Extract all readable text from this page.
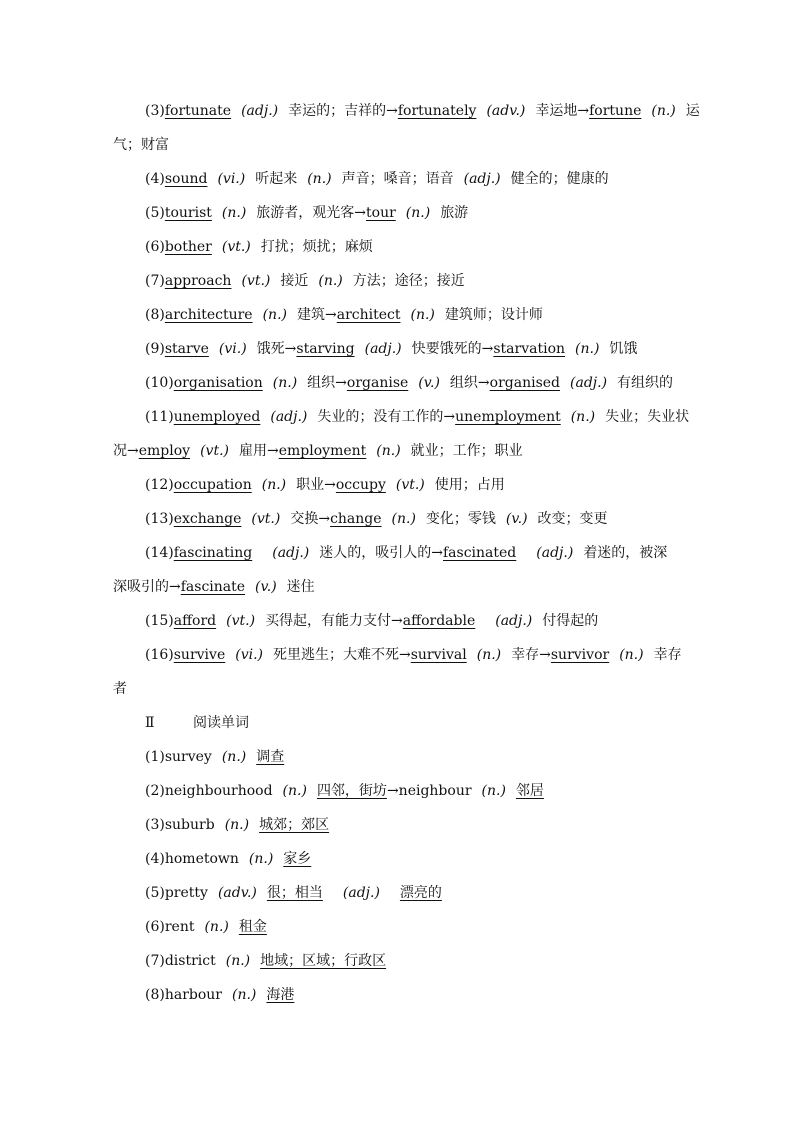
(3)fortunate (adj.) 幸运的；吉祥的→fortunately (adv.) 幸运地→fortune (n.) 运
气；财富
(4)sound (vi.) 听起来 (n.) 声音；嗓音；语音 (adj.) 健全的；健康的
(5)tourist (n.) 旅游者，观光客→tour (n.) 旅游
(6)bother (vt.) 打扰；烦扰；麻烦
(7)approach (vt.) 接近 (n.) 方法；途径；接近
(8)architecture (n.) 建筑→architect (n.) 建筑师；设计师
(9)starve (vi.) 饿死→starving (adj.) 快要饿死的→starvation (n.) 饥饿
(10)organisation (n.) 组织→organise (v.) 组织→organised (adj.) 有组织的
(11)unemployed (adj.) 失业的；没有工作的→unemployment (n.) 失业；失业状
况→employ (vt.) 雇用→employment (n.) 就业；工作；职业
(12)occupation (n.) 职业→occupy (vt.) 使用；占用
(13)exchange (vt.) 交换→change (n.) 变化；零钱 (v.) 改变；变更
(14)fascinating (adj.) 迷人的，吸引人的→fascinated (adj.) 着迷的，被深
深吸引的→fascinate (v.) 迷住
(15)afford (vt.) 买得起，有能力支付→affordable (adj.) 付得起的
(16)survive (vi.) 死里逃生；大难不死→survival (n.) 幸存→survivor (n.) 幸存
者
Ⅱ	阅读单词
(1)survey (n.) 调查
(2)neighbourhood (n.) 四邻，街坊→neighbour (n.) 邻居
(3)suburb (n.) 城郊；郊区
(4)hometown (n.) 家乡
(5)pretty (adv.) 很；相当 (adj.) 漂亮的
(6)rent (n.) 租金
(7)district (n.) 地域；区域；行政区
(8)harbour (n.) 海港
